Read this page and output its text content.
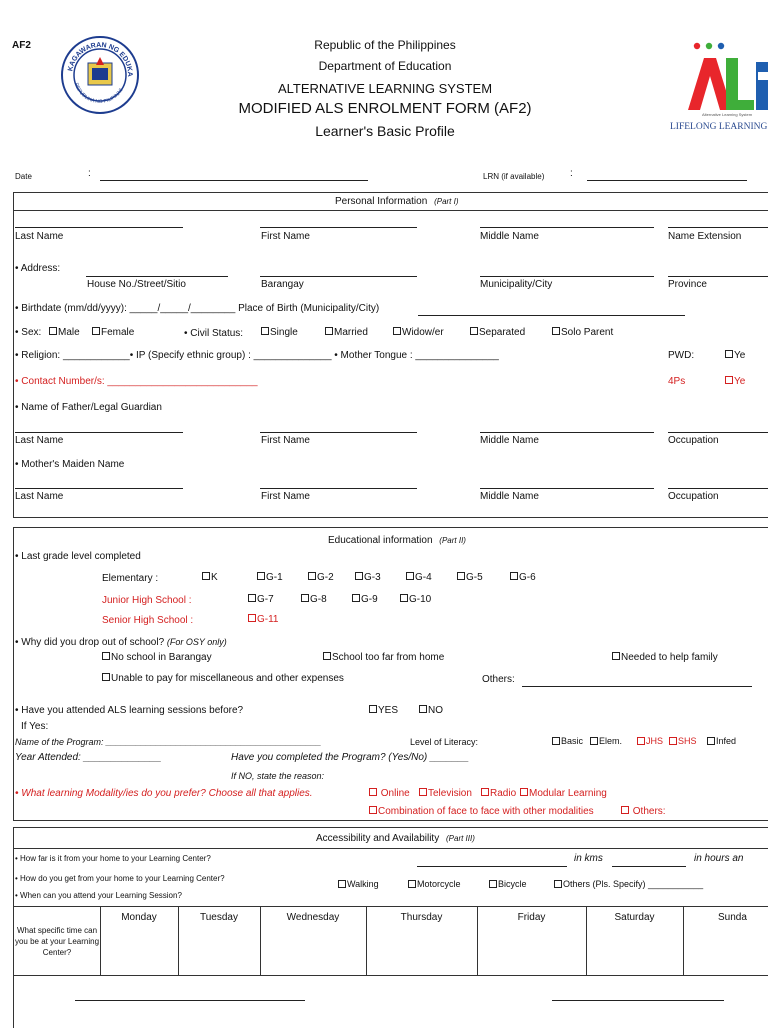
AF2
KAGAWARAN NG EDUKA
REPUBLIKA NG PILIPINAS
Republic of the Philippines
Department of Education
ALTERNATIVE LEARNING SYSTEM
MODIFIED ALS ENROLMENT FORM (AF2)
Learner's Basic Profile
Alternative Learning System
LIFELONG LEARNING
Date	:	LRN (if available)	:
Personal Information (Part I)
Last Name	First Name	Middle Name	Name Extension
• Address:
House No./Street/Sitio	Barangay	Municipality/City	Province
• Birthdate (mm/dd/yyyy): _____/_____/________ Place of Birth (Municipality/City)
• Sex:	Male	Female	• Civil Status:	Single	Married	Widow/er	Separated	Solo Parent
• Religion: ____________• IP (Specify ethnic group) : ______________ • Mother Tongue : _______________	PWD:	Ye
• Contact Number/s: ___________________________	4Ps	Ye
• Name of Father/Legal Guardian
Last Name	First Name	Middle Name	Occupation
• Mother's Maiden Name
Last Name	First Name	Middle Name	Occupation
Educational information (Part II)
• Last grade level completed
Elementary :	K	G-1	G-2	G-3	G-4	G-5	G-6
Junior High School :	G-7	G-8	G-9	G-10
Senior High School :	G-11
• Why did you drop out of school? (For OSY only)
No school in Barangay	School too far from home	Needed to help family
Unable to pay for miscellaneous and other expenses	Others:
• Have you attended ALS learning sessions before?	YES	NO
If Yes:
Name of the Program: ___________________________________________	Level of Literacy:	Basic	Elem.	JHS	SHS	Infed
Year Attended: ______________	Have you completed the Program? (Yes/No) _______
If NO, state the reason:
• What learning Modality/ies do you prefer? Choose all that applies.	Online	Television	Radio	Modular Learning
Combination of face to face with other modalities	Others:
Accessibility and Availability (Part III)
• How far is it from your home to your Learning Center?	in kms	in hours an
• How do you get from your home to your Learning Center?
Walking	Motorcycle	Bicycle	Others (Pls. Specify) ___________
• When can you attend your Learning Session?
What specific time can you be at your Learning Center?
Monday	Tuesday	Wednesday	Thursday	Friday	Saturday	Sunda
